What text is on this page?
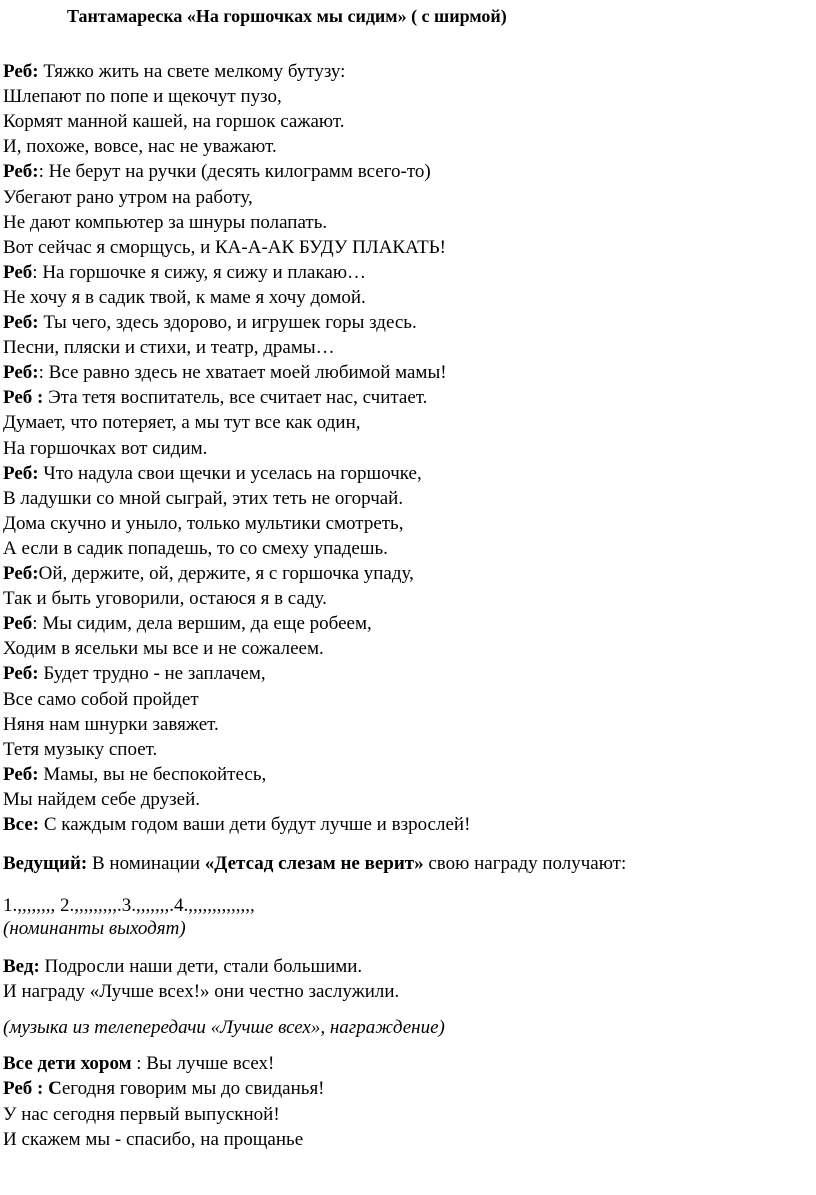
Тантамареска «На горшочках мы сидим» ( с ширмой)
Реб: Тяжко жить на свете мелкому бутузу:
Шлепают по попе и щекочут пузо,
Кормят манной кашей, на горшок сажают.
И, похоже, вовсе, нас не уважают.
Реб:: Не берут на ручки (десять килограмм всего-то)
Убегают рано утром на работу,
Не дают компьютер за шнуры полапать.
Вот сейчас я сморщусь, и КА-А-АК БУДУ ПЛАКАТЬ!
Реб: На горшочке я сижу, я сижу и плакаю…
Не хочу я в садик твой, к маме я хочу домой.
Реб: Ты чего, здесь здорово, и игрушек горы здесь.
Песни, пляски и стихи, и театр, драмы…
Реб:: Все равно здесь не хватает моей любимой мамы!
Реб : Эта тетя воспитатель, все считает нас, считает.
Думает, что потеряет, а мы тут все как один,
На горшочках вот сидим.
Реб: Что надула свои щечки и уселась на горшочке,
В ладушки со мной сыграй, этих теть не огорчай.
Дома скучно и уныло, только мультики смотреть,
А если в садик попадешь, то со смеху упадешь.
Реб:Ой, держите, ой, держите, я с горшочка упаду,
Так и быть уговорили, остаюся я в саду.
Реб: Мы сидим, дела вершим, да еще робеем,
Ходим в ясельки мы все и не сожалеем.
Реб: Будет трудно - не заплачем,
Все само собой пройдет
Няня нам шнурки завяжет.
Тетя музыку споет.
Реб: Мамы, вы не беспокойтесь,
Мы найдем себе друзей.
Все: С каждым годом ваши дети будут лучше и взрослей!
Ведущий: В номинации «Детсад слезам не верит» свою награду получают:
1.,,,,,,,, 2.,,,,,,,,,.3.,,,,,,,.4.,,,,,,,,,,,,,,
(номинанты выходят)
Вед: Подросли наши дети, стали большими.
И награду «Лучше всех!» они честно заслужили.
(музыка из телепередачи «Лучше всех», награждение)
Все дети хором : Вы лучше всех!
Реб : Сегодня говорим мы до свиданья!
У нас сегодня первый выпускной!
И скажем мы - спасибо, на прощанье
